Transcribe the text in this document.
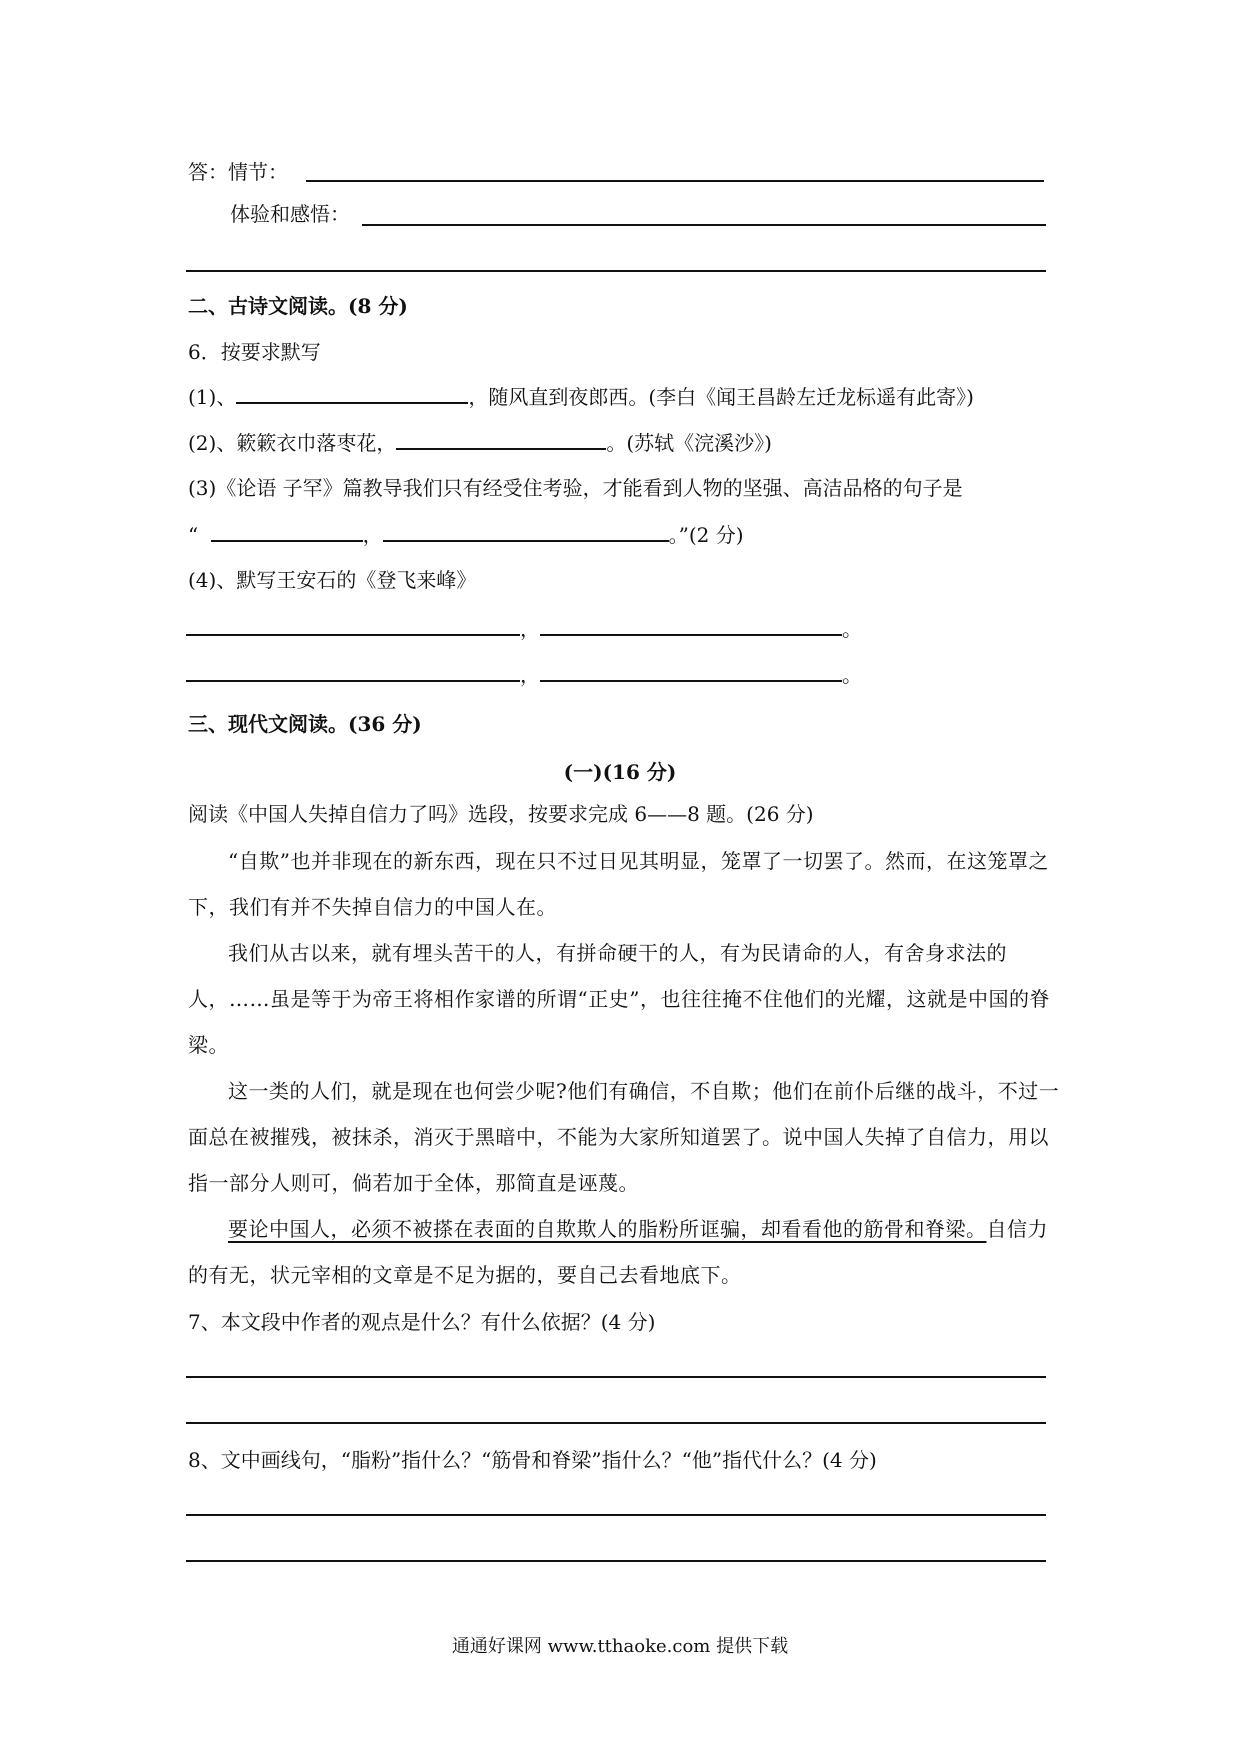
答：情节：
体验和感悟：
二、古诗文阅读。(8 分)
6．按要求默写
(1)、	，随风直到夜郎西。(李白《闻王昌龄左迁龙标遥有此寄》)
(2)、簌簌衣巾落枣花，	。(苏轼《浣溪沙》)
(3)《论语 子罕》篇教导我们只有经受住考验，才能看到人物的坚强、高洁品格的句子是
“	，	。”(2 分)
(4)、默写王安石的《登飞来峰》
，	。
，	。
三、现代文阅读。(36 分)
(一)(16 分)
阅读《中国人失掉自信力了吗》选段，按要求完成 6——8 题。(26 分)
“自欺”也并非现在的新东西，现在只不过日见其明显，笼罩了一切罢了。然而，在这笼罩之下，我们有并不失掉自信力的中国人在。
我们从古以来，就有埋头苦干的人，有拼命硬干的人，有为民请命的人，有舍身求法的人，……虽是等于为帝王将相作家谱的所谓“正史”，也往往掩不住他们的光耀，这就是中国的脊梁。
这一类的人们，就是现在也何尝少呢?他们有确信，不自欺；他们在前仆后继的战斗，不过一面总在被摧残，被抹杀，消灭于黑暗中，不能为大家所知道罢了。说中国人失掉了自信力，用以指一部分人则可，倘若加于全体，那简直是诬蔑。
要论中国人，必须不被搽在表面的自欺欺人的脂粉所诓骗，却看看他的筋骨和脊梁。自信力的有无，状元宰相的文章是不足为据的，要自己去看地底下。
7、本文段中作者的观点是什么？有什么依据？(4 分)
8、文中画线句，“脂粉”指什么？“筋骨和脊梁”指什么？“他”指代什么？(4 分)
通通好课网 www.tthaoke.com 提供下载
